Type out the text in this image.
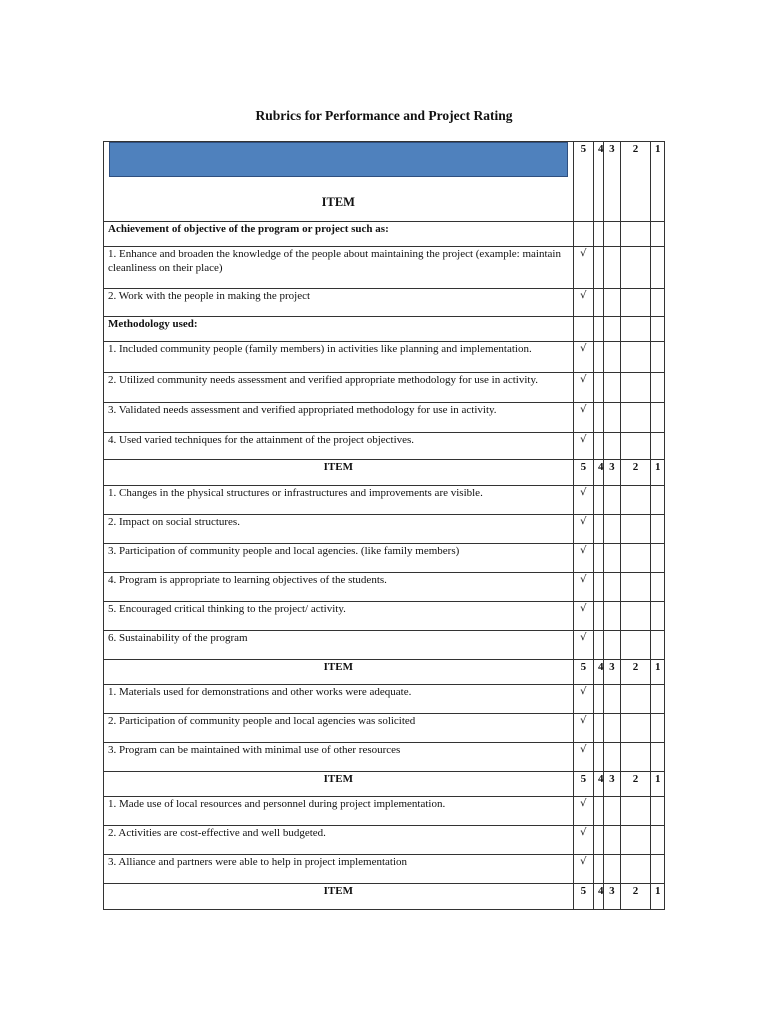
Rubrics for Performance and Project Rating
ITEM	5	4	3	2	1
Achievement of objective of the program or project such as:					
1. Enhance and broaden the knowledge of the people about maintaining the project (example: maintain cleanliness on their place)	√				
2. Work with the people in making the project	√				
Methodology used:					
1. Included community people (family members) in activities like planning and implementation.	√				
2. Utilized community needs assessment and verified appropriate methodology for use in activity.	√				
3. Validated needs assessment and verified appropriated methodology for use in activity.	√				
4. Used varied techniques for the attainment of the project objectives.	√				
ITEM	5	4	3	2	1
1. Changes in the physical structures or infrastructures and improvements are visible.	√				
2. Impact on social structures.	√				
3. Participation of community people and local agencies. (like family members)	√				
4. Program is appropriate to learning objectives of the students.	√				
5. Encouraged critical thinking to the project/ activity.	√				
6. Sustainability of the program	√				
ITEM	5	4	3	2	1
1. Materials used for demonstrations and other works were adequate.	√				
2. Participation of community people and local agencies was solicited	√				
3. Program can be maintained with minimal use of other resources	√				
ITEM	5	4	3	2	1
1. Made use of local resources and personnel during project implementation.	√				
2. Activities are cost-effective and well budgeted.	√				
3. Alliance and partners were able to help in project implementation	√				
ITEM	5	4	3	2	1
